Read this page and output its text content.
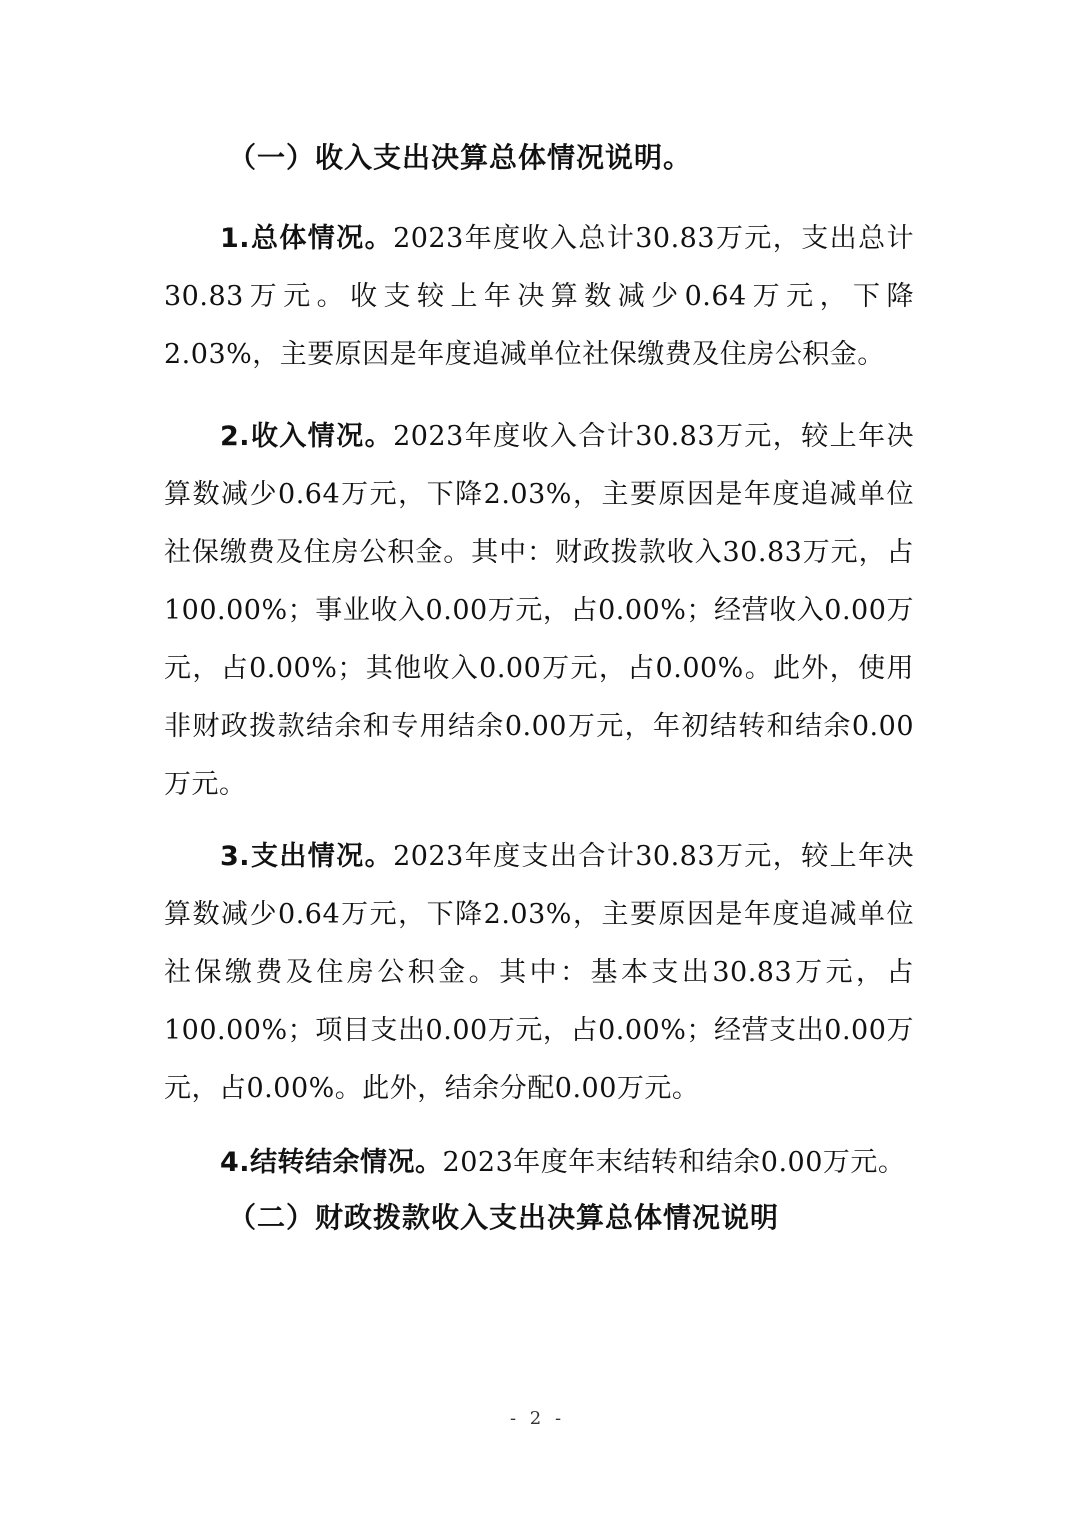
（一）收入支出决算总体情况说明。

1.总体情况。2023年度收入总计30.83万元，支出总计30.83万元。收支较上年决算数减少0.64万元，下降2.03%，主要原因是年度追减单位社保缴费及住房公积金。

2.收入情况。2023年度收入合计30.83万元，较上年决算数减少0.64万元，下降2.03%，主要原因是年度追减单位社保缴费及住房公积金。其中：财政拨款收入30.83万元，占100.00%；事业收入0.00万元，占0.00%；经营收入0.00万元，占0.00%；其他收入0.00万元，占0.00%。此外，使用非财政拨款结余和专用结余0.00万元，年初结转和结余0.00万元。

3.支出情况。2023年度支出合计30.83万元，较上年决算数减少0.64万元，下降2.03%，主要原因是年度追减单位社保缴费及住房公积金。其中：基本支出30.83万元，占100.00%；项目支出0.00万元，占0.00%；经营支出0.00万元，占0.00%。此外，结余分配0.00万元。

4.结转结余情况。2023年度年末结转和结余0.00万元。

（二）财政拨款收入支出决算总体情况说明
- 2 -
